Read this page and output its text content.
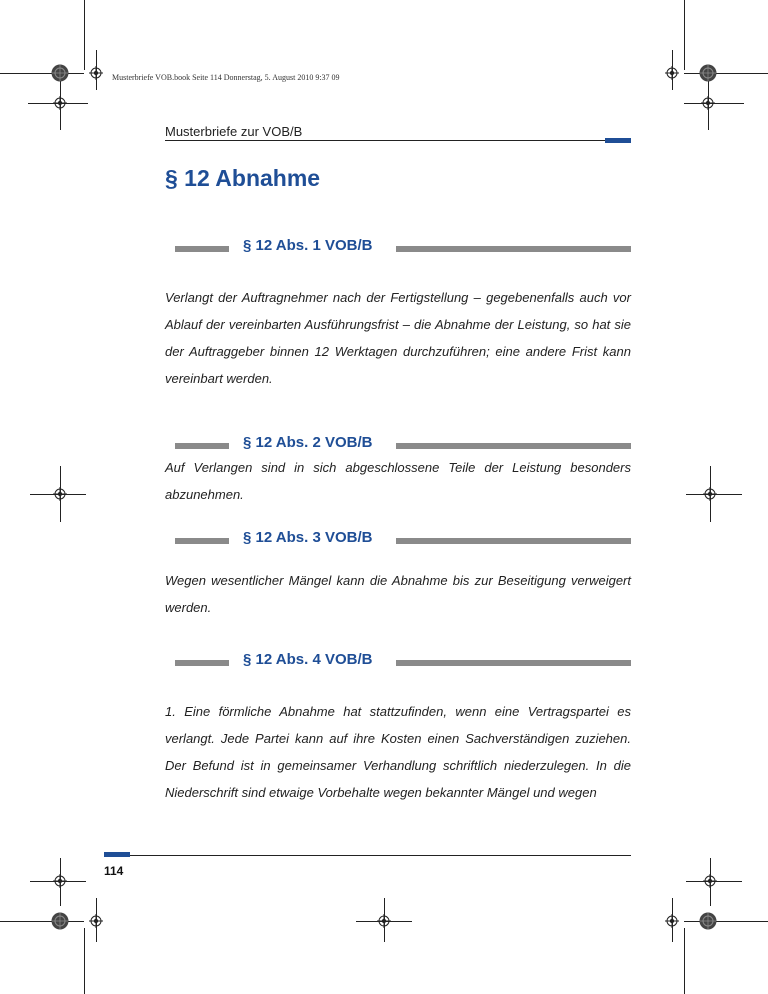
Musterbriefe VOB.book Seite 114 Donnerstag, 5. August 2010 9:37 09
Musterbriefe zur VOB/B
§ 12 Abnahme
§ 12 Abs. 1 VOB/B
Verlangt der Auftragnehmer nach der Fertigstellung – gegebenenfalls auch vor Ablauf der vereinbarten Ausführungsfrist – die Abnahme der Leistung, so hat sie der Auftraggeber binnen 12 Werktagen durchzuführen; eine andere Frist kann vereinbart werden.
§ 12 Abs. 2 VOB/B
Auf Verlangen sind in sich abgeschlossene Teile der Leistung besonders abzunehmen.
§ 12 Abs. 3 VOB/B
Wegen wesentlicher Mängel kann die Abnahme bis zur Beseitigung verweigert werden.
§ 12 Abs. 4 VOB/B
1. Eine förmliche Abnahme hat stattzufinden, wenn eine Vertragspartei es verlangt. Jede Partei kann auf ihre Kosten einen Sachverständigen zuziehen. Der Befund ist in gemeinsamer Verhandlung schriftlich niederzulegen. In die Niederschrift sind etwaige Vorbehalte wegen bekannter Mängel und wegen
114
